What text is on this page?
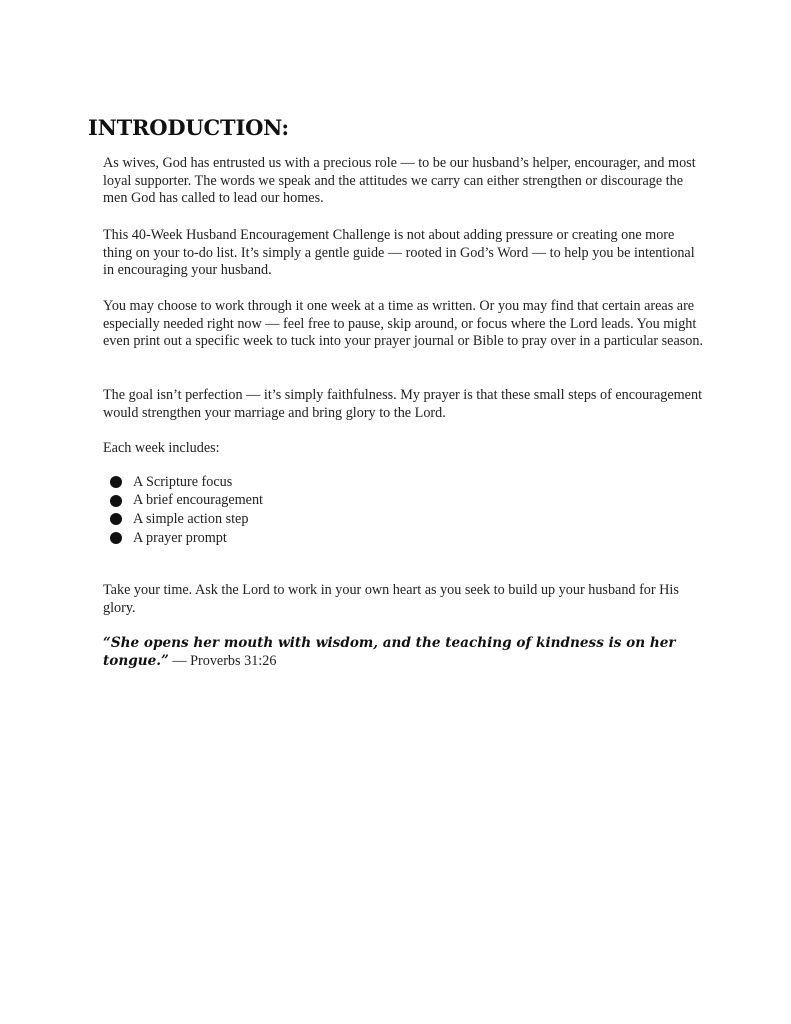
INTRODUCTION:

As wives, God has entrusted us with a precious role — to be our husband’s helper, encourager, and most loyal supporter. The words we speak and the attitudes we carry can either strengthen or discourage the men God has called to lead our homes.

This 40-Week Husband Encouragement Challenge is not about adding pressure or creating one more thing on your to-do list. It’s simply a gentle guide — rooted in God’s Word — to help you be intentional in encouraging your husband.

You may choose to work through it one week at a time as written. Or you may find that certain areas are especially needed right now — feel free to pause, skip around, or focus where the Lord leads. You might even print out a specific week to tuck into your prayer journal or Bible to pray over in a particular season.

The goal isn’t perfection — it’s simply faithfulness. My prayer is that these small steps of encouragement would strengthen your marriage and bring glory to the Lord.

Each week includes:

A Scripture focus
A brief encouragement
A simple action step
A prayer prompt

Take your time. Ask the Lord to work in your own heart as you seek to build up your husband for His glory.

“She opens her mouth with wisdom, and the teaching of kindness is on her tongue.” — Proverbs 31:26
